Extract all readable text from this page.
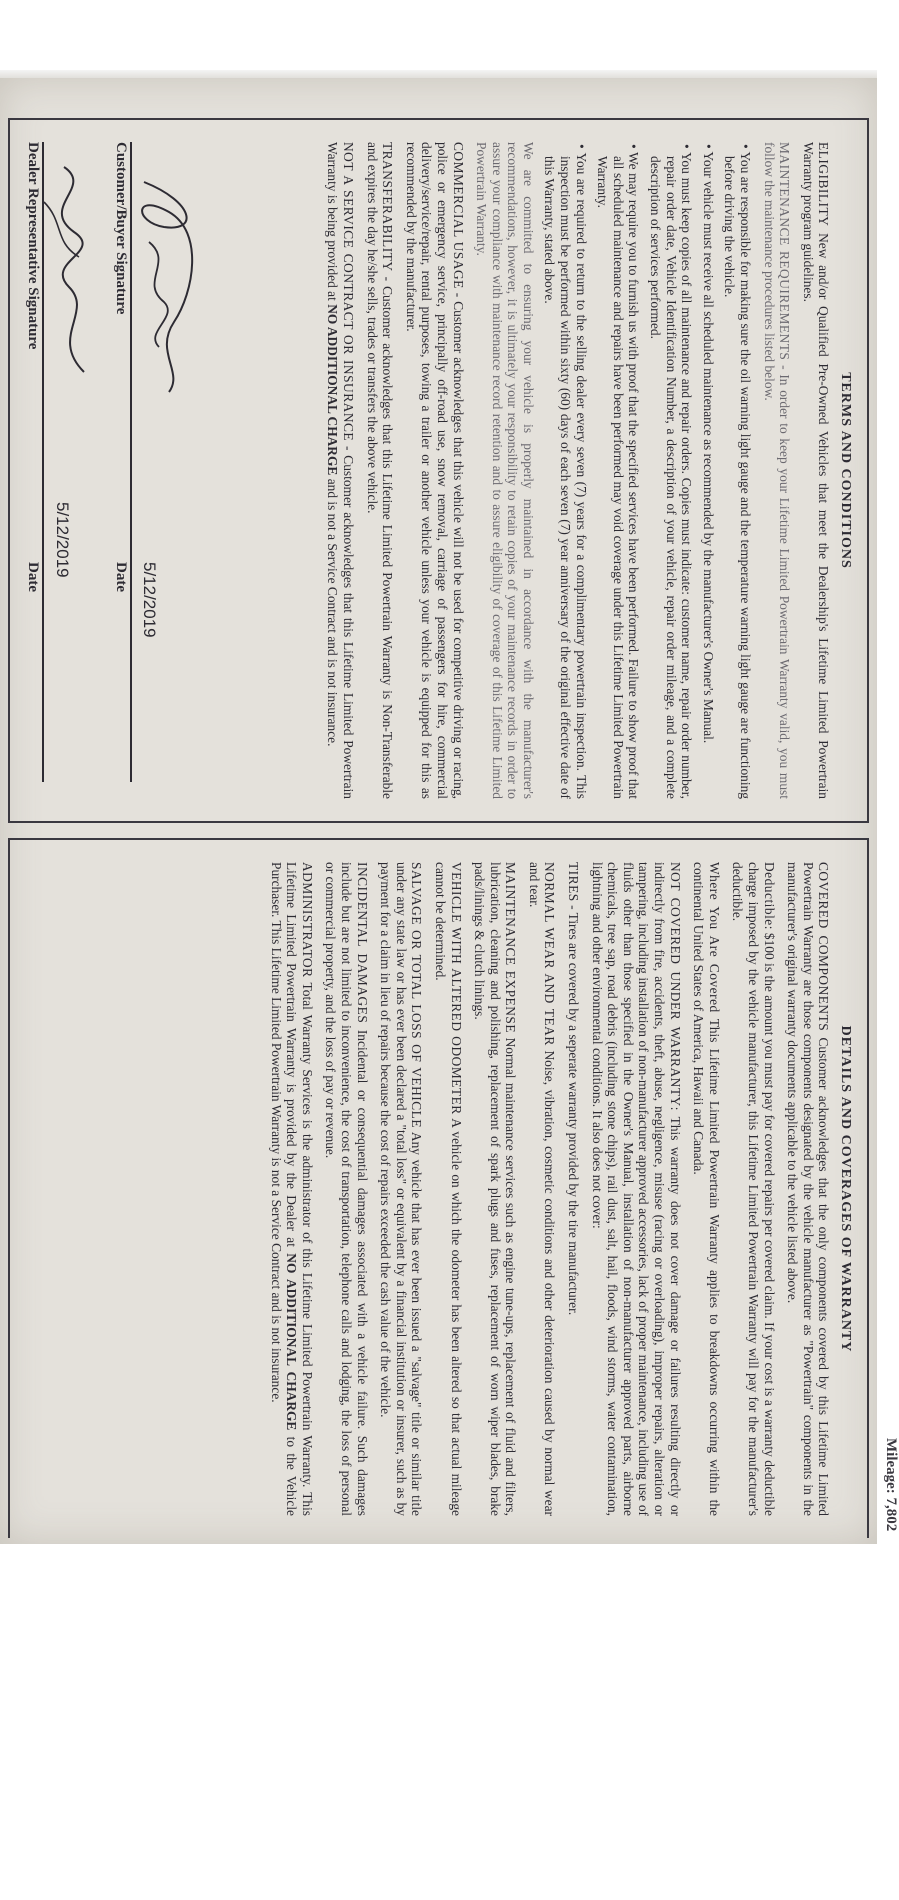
Mileage: 7,802
TERMS AND CONDITIONS

ELIGIBILITY New and/or Qualified Pre-Owned Vehicles that meet the Dealership's Lifetime Limited Powertrain Warranty program guidelines.

MAINTENANCE REQUIREMENTS - In order to keep your Lifetime Limited Powertrain Warranty valid, you must follow the maintenance procedures listed below.

• You are responsible for making sure the oil warning light gauge and the temperature warning light gauge are functioning before driving the vehicle.
• Your vehicle must receive all scheduled maintenance as recommended by the manufacturer's Owner's Manual.
• You must keep copies of all maintenance and repair orders. Copies must indicate: customer name, repair order number, repair order date, Vehicle Identification Number, a description of your vehicle, repair order mileage, and a complete description of services performed.
• We may require you to furnish us with proof that the specified services have been performed. Failure to show proof that all scheduled maintenance and repairs have been performed may void coverage under this Lifetime Limited Powertrain Warranty.
• You are required to return to the selling dealer every seven (7) years for a complimentary powertrain inspection. This inspection must be performed within sixty (60) days of each seven (7) year anniversary of the original effective date of this Warranty, stated above.

We are committed to ensuring your vehicle is properly maintained in accordance with the manufacturer's recommendations, however, it is ultimately your responsibility to retain copies of your maintenance records in order to assure your compliance with maintenance record retention and to assure eligibility of coverage of this Lifetime Limited Powertrain Warranty.

COMMERCIAL USAGE - Customer acknowledges that this vehicle will not be used for competitive driving or racing, police or emergency service, principally off-road use, snow removal, carriage of passengers for hire, commercial delivery/service/repair, rental purposes, towing a trailer or another vehicle unless your vehicle is equipped for this as recommended by the manufacturer.

TRANSFERABILITY - Customer acknowledges that this Lifetime Limited Powertrain Warranty is Non-Transferable and expires the day he/she sells, trades or transfers the above vehicle.

NOT A SERVICE CONTRACT OR INSURANCE - Customer acknowledges that this Lifetime Limited Powertrain Warranty is being provided at NO ADDITIONAL CHARGE and is not a Service Contract and is not insurance.

5/12/2019
Customer/Buyer Signature
Date
5/12/2019
Dealer Representative Signature
Date
DETAILS AND COVERAGES OF WARRANTY

COVERED COMPONENTS Customer acknowledges that the only components covered by this Lifetime Limited Powertrain Warranty are those components designated by the vehicle manufacturer as "Powertrain" components in the manufacturer's original warranty documents applicable to the vehicle listed above.

Deductible: $100 is the amount you must pay for covered repairs per covered claim. If your cost is a warranty deductible charge imposed by the vehicle manufacturer, this Lifetime Limited Powertrain Warranty will pay for the manufacturer's deductible.

Where You Are Covered This Lifetime Limited Powertrain Warranty applies to breakdowns occurring within the continental United States of America, Hawaii and Canada.

NOT COVERED UNDER WARRANTY: This warranty does not cover damage or failures resulting directly or indirectly from fire, accidents, theft, abuse, negligence, misuse (racing or overloading), improper repairs, alteration or tampering, including installation of non-manufacturer approved accessories, lack of proper maintenance, including use of fluids other than those specified in the Owner's Manual, installation of non-manufacturer approved parts, airborne chemicals, tree sap, road debris (including stone chips), rail dust, salt, hail, floods, wind storms, water contamination, lightning and other environmental conditions. It also does not cover:

TIRES - Tires are covered by a seperate warranty provided by the tire manufacturer.

NORMAL WEAR AND TEAR Noise, vibration, cosmetic conditions and other deterioration caused by normal wear and tear.

MAINTENANCE EXPENSE Normal maintenance services such as engine tune-ups, replacement of fluid and filters, lubrication, cleaning and polishing, replacement of spark plugs and fuses, replacement of worn wiper blades, brake pads/linings & clutch linings.

VEHICLE WITH ALTERED ODOMETER A vehicle on which the odometer has been altered so that actual mileage cannot be determined.

SALVAGE OR TOTAL LOSS OF VEHICLE Any vehicle that has ever been issued a "salvage" title or similar title under any state law or has ever been declared a "total loss" or equivalent by a financial institution or insurer, such as by payment for a claim in lieu of repairs because the cost of repairs exceeded the cash value of the vehicle.

INCIDENTAL DAMAGES Incidental or consequential damages associated with a vehicle failure. Such damages include but are not limited to inconvenience, the cost of transportation, telephone calls and lodging, the loss of personal or commercial property, and the loss of pay or revenue.

ADMINISTRATOR Total Warranty Services is the administrator of this Lifetime Limited Powertrain Warranty. This Lifetime Limited Powertrain Warranty is provided by the Dealer at NO ADDITIONAL CHARGE to the Vehicle Purchaser. This Lifetime Limited Powertrain Warranty is not a Service Contract and is not insurance.
